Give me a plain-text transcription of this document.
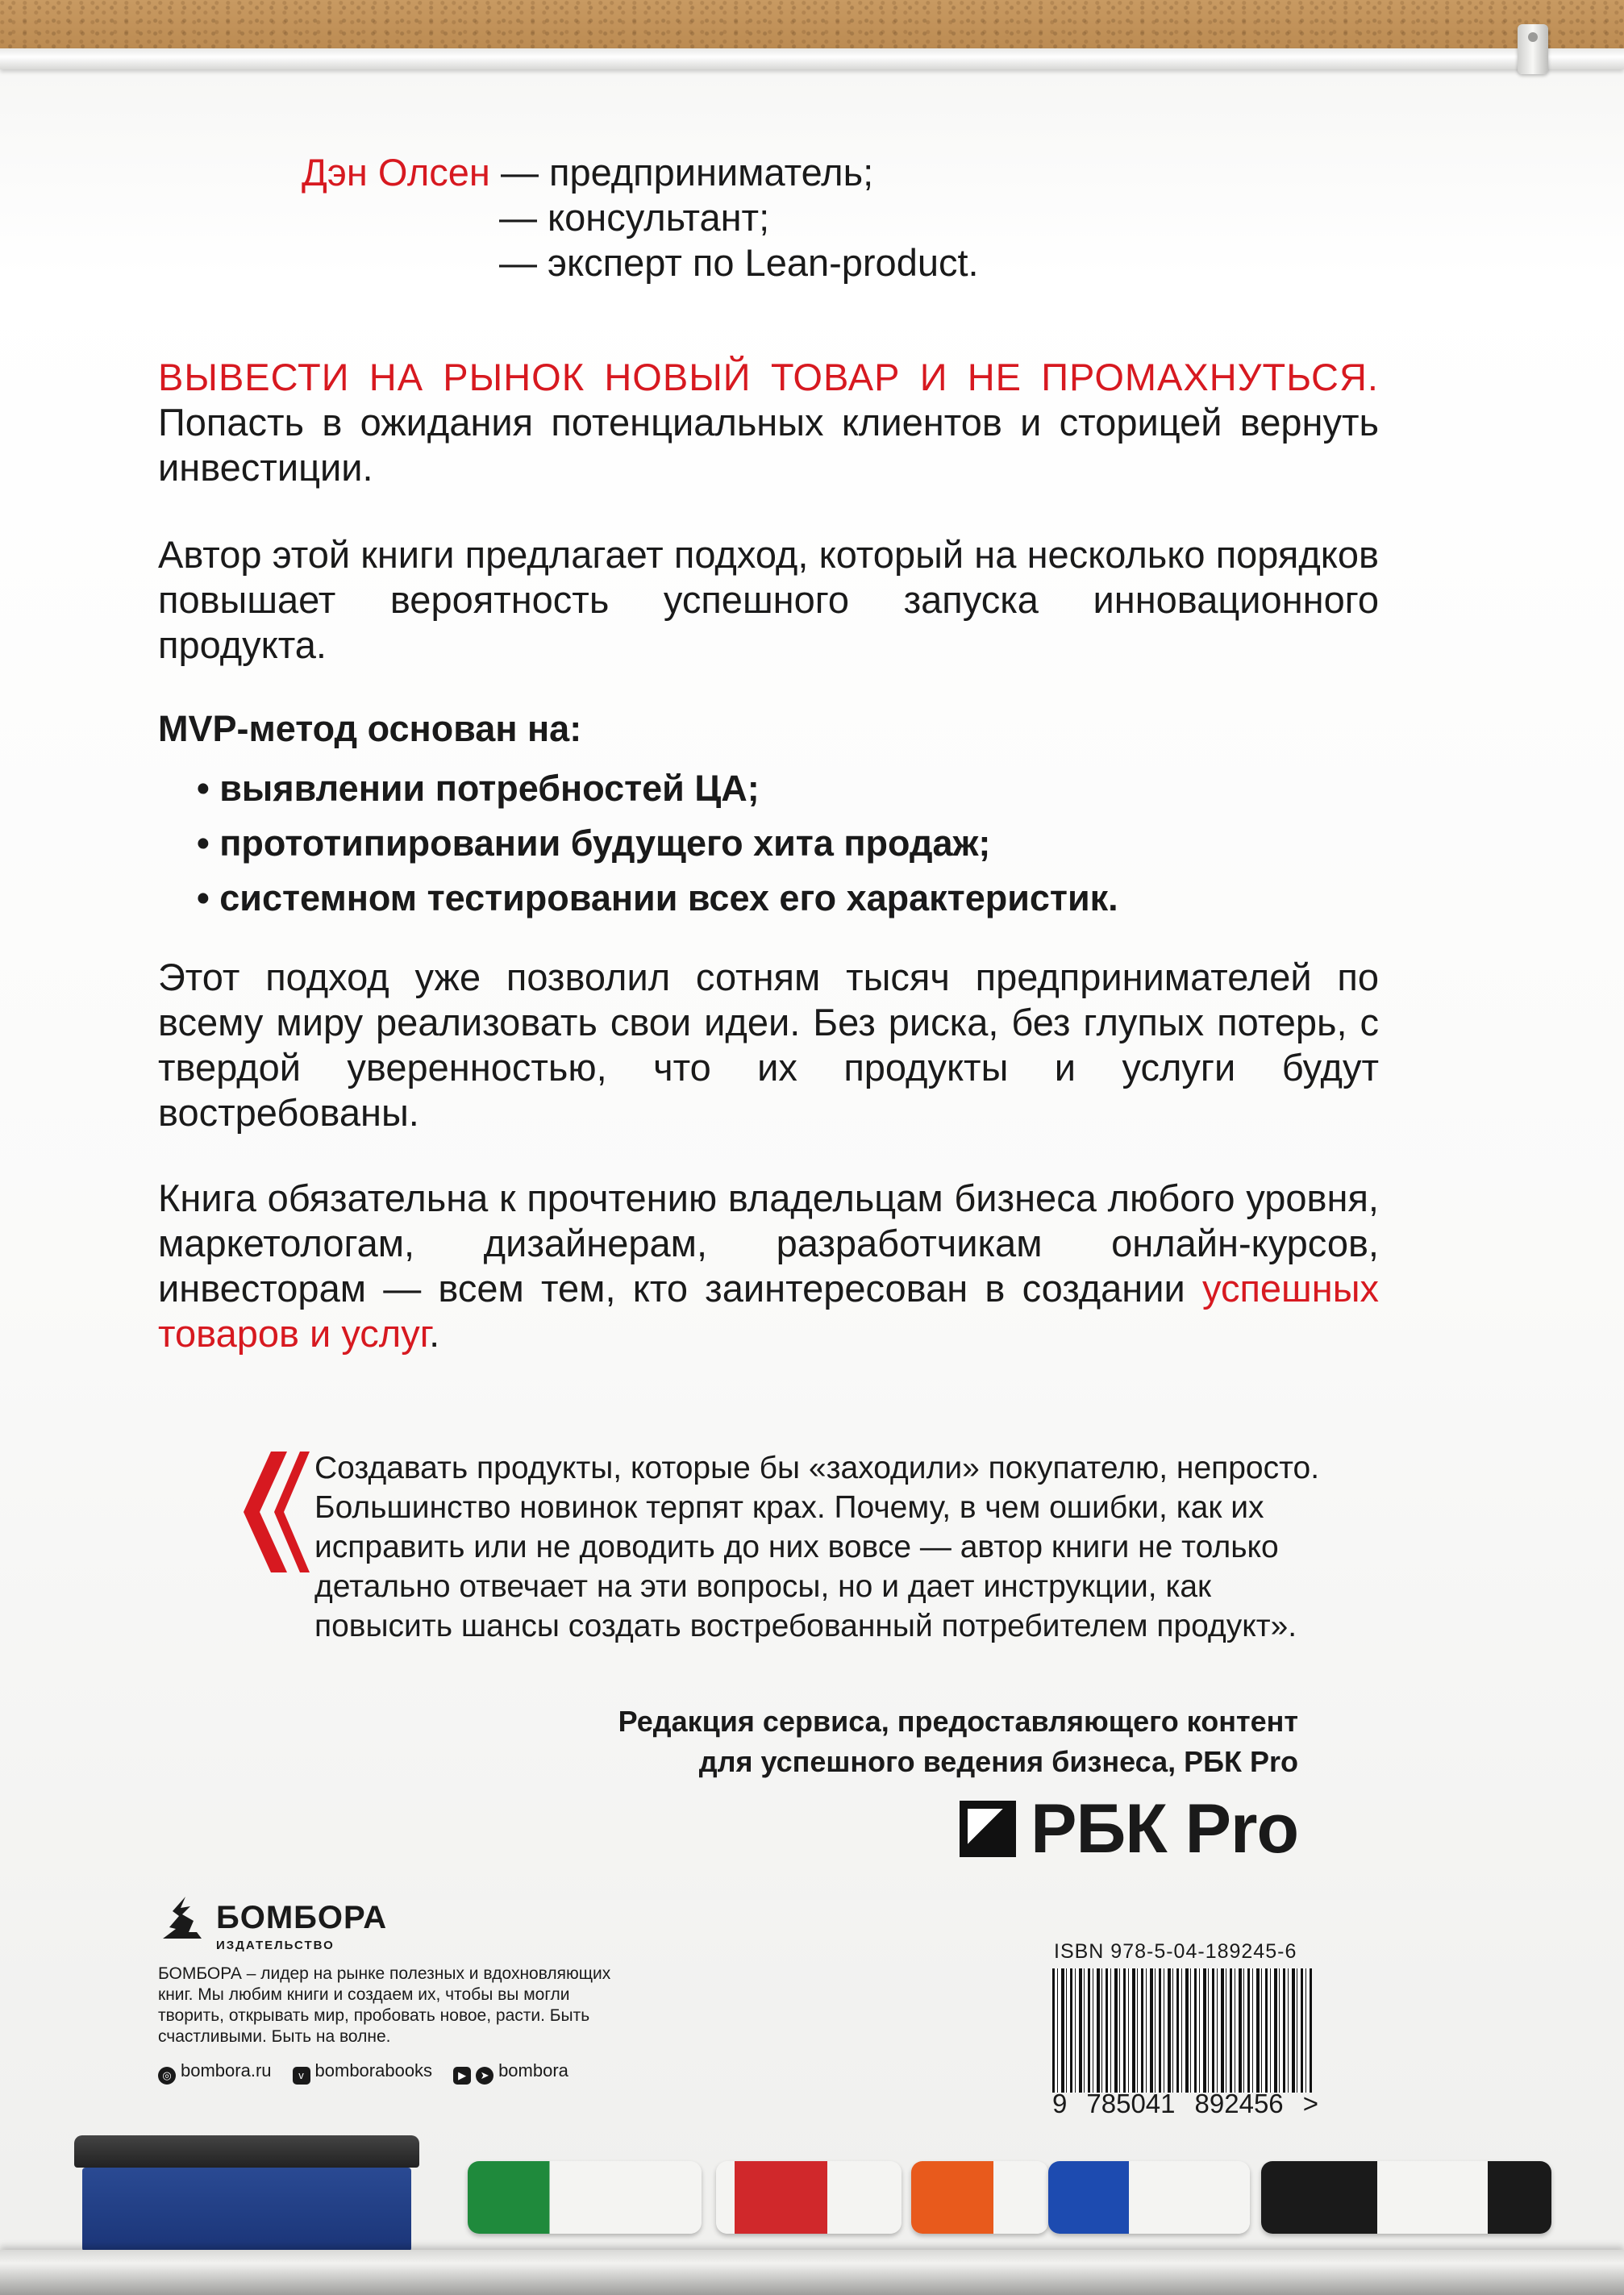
Дэн Олсен — предприниматель;
— консультант;
— эксперт по Lean-product.

ВЫВЕСТИ НА РЫНОК НОВЫЙ ТОВАР И НЕ ПРОМАХНУТЬСЯ. Попасть в ожидания потенциальных клиентов и сторицей вернуть инвестиции.

Автор этой книги предлагает подход, который на несколько порядков повышает вероятность успешного запуска инновационного продукта.

MVP-метод основан на:
• выявлении потребностей ЦА;
• прототипировании будущего хита продаж;
• системном тестировании всех его характеристик.

Этот подход уже позволил сотням тысяч предпринимателей по всему миру реализовать свои идеи. Без риска, без глупых потерь, с твердой уверенностью, что их продукты и услуги будут востребованы.

Книга обязательна к прочтению владельцам бизнеса любого уровня, маркетологам, дизайнерам, разработчикам онлайн-курсов, инвесторам — всем тем, кто заинтересован в создании успешных товаров и услуг.

Создавать продукты, которые бы «заходили» покупателю, непросто. Большинство новинок терпят крах. Почему, в чем ошибки, как их исправить или не доводить до них вовсе — автор книги не только детально отвечает на эти вопросы, но и дает инструкции, как повысить шансы создать востребованный потребителем продукт».
Редакция сервиса, предоставляющего контент
для успешного ведения бизнеса, РБК Pro
РБК Pro
БОМБОРА
ИЗДАТЕЛЬСТВО
БОМБОРА – лидер на рынке полезных и вдохновляющих книг. Мы любим книги и создаем их, чтобы вы могли творить, открывать мир, пробовать новое, расти. Быть счастливыми. Быть на волне.
◎ bombora.ru	v bomborabooks	▶ ➤ bombora
ISBN 978-5-04-189245-6
9 785041 892456 >
